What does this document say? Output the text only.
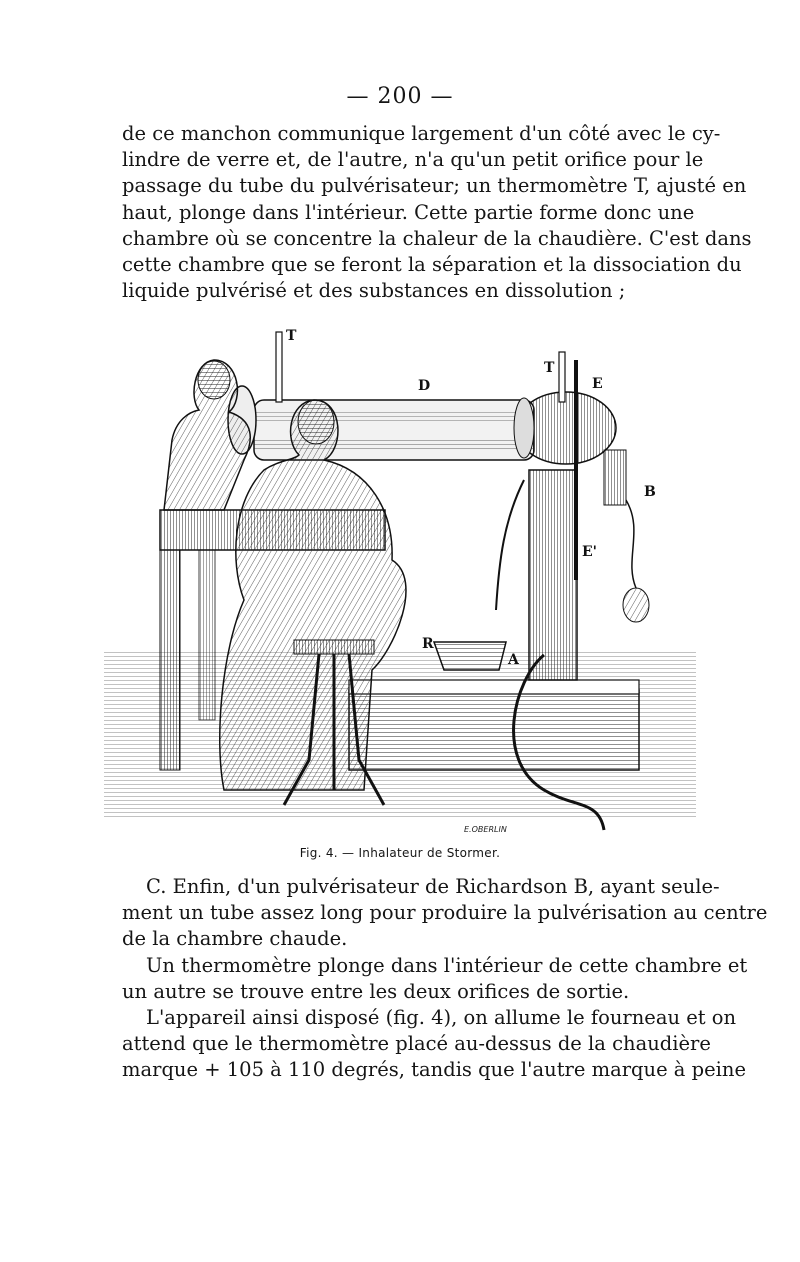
— 200 —
de ce manchon communique largement d'un côté avec le cy-
lindre de verre et, de l'autre, n'a qu'un petit orifice pour le
passage du tube du pulvérisateur; un thermomètre T, ajusté en
haut, plonge dans l'intérieur. Cette partie forme donc une
chambre où se concentre la chaleur de la chaudière. C'est dans
cette chambre que se feront la séparation et la dissociation du
liquide pulvérisé et des substances en dissolution ;
T
D
T
E
B
E'
R
A
E.OBERLIN
Fig. 4. — Inhalateur de Stormer.
C. Enfin, d'un pulvérisateur de Richardson B, ayant seule-
ment un tube assez long pour produire la pulvérisation au centre
de la chambre chaude.
Un thermomètre plonge dans l'intérieur de cette chambre et
un autre se trouve entre les deux orifices de sortie.
L'appareil ainsi disposé (fig. 4), on allume le fourneau et on
attend que le thermomètre placé au-dessus de la chaudière
marque + 105 à 110 degrés, tandis que l'autre marque à peine
